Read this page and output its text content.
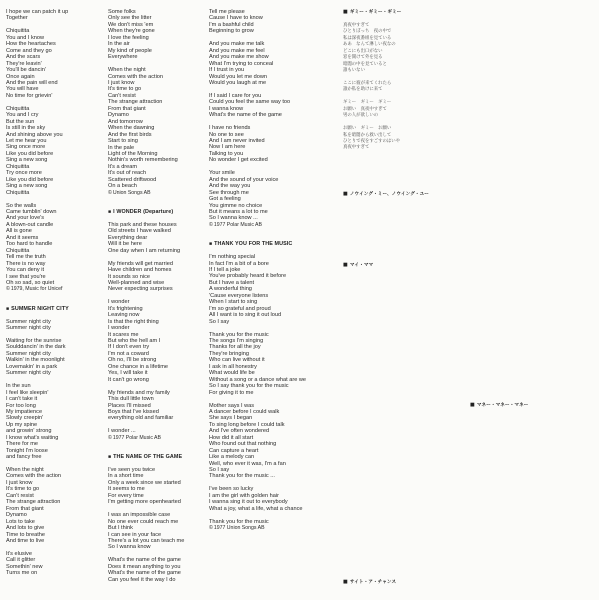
I hope we can patch it up
Together
Chiquitita
You and I know
How the heartaches
Come and they go
And the scars
They're leavin'
You'll be dancin'
Once again
And the pain will end
You will have
No time for grievin'
Chiquitita
You and I cry
But the sun
Is still in the sky
And shining above you
Let me hear you
Sing once more
Like you did before
Sing a new song
Chiquitita
Try once more
Like you did before
Sing a new song
Chiquitita
So the walls
Came tumblin' down
And your love's
A blown-out candle
All is gone
And it seems
Too hard to handle
Chiquitita
Tell me the truth
There is no way
You can deny it
I see that you're
Oh so sad, so quiet
© 1979, Music for Unicef
■ SUMMER NIGHT CITY
Summer night city
Summer night city
Waiting for the sunrise
Soulddancin' in the dark
Summer night city
Walkin' in the moonlight
Lovemakin' in a park
Summer night city
In the sun
I feel like sleepin'
I can't take it
For too long
My impatience
Slowly creepin'
Up my spine
and growin' strong
I know what's waiting
There for me
Tonight I'm loose
and fancy free
When the night
Comes with the action
I just know
It's time to go
Can't resist
The strange attraction
From that giant
Dynamo
Lots to take
And lots to give
Time to breathe
And time to live
It's elusive
Call it glitter
Somethin' new
Turns me on
Some folks
Only see the litter
We don't miss 'em
When they're gone
I love the feeling
In the air
My kind of people
Everywhere
When the night
Comes with the action
I just know
It's time to go
Can't resist
The strange attraction
From that giant
Dynamo
And tomorrow
When the dawning
And the first birds
Start to sing
In the pale
Light of the Morning
Nothin's worth remembering
It's a dream
It's out of reach
Scattered driftwood
On a beach
© Union Songs AB
■ I WONDER (Departure)
This park and these houses
Old streets I have walked
Everything dear
Will it be here
One day when I am returning
My friends will get married
Have children and homes
It sounds so nice
Well-planned and wise
Never expecting surprises
I wonder
It's frightening
Leaving now
Is that the right thing
I wonder
It scares me
But who the hell am I
If I don't even try
I'm not a coward
Oh no, I'll be strong
One chance in a lifetime
Yes, I will take it
It can't go wrong
My friends and my family
This dull little town
Places I'll missed
Boys that I've kissed
everything old and familiar
I wonder ...
© 1977 Polar Music AB
■ THE NAME OF THE GAME
I've seen you twice
In a short time
Only a week since we started
It seems to me
For every time
I'm getting more openhearted
I was an impossible case
No one ever could reach me
But I think
I can see in your face
There's a lot you can teach me
So I wanna know
What's the name of the game
Does it mean anything to you
What's the name of the game
Can you feel it the way I do
Tell me please
Cause I have to know
I'm a bashful child
Beginning to grow
And you make me talk
And you make me feel
And you make me show
What I'm trying to conceal
If I trust in you
Would you let me down
Would you laugh at me
If I said I care for you
Could you feel the same way too
I wanna know
What's the name of the game
I have no friends
No one to see
And I am never invited
Now I am here
Talking to you
No wonder I get excited
Your smile
And the sound of your voice
And the way you
See through me
Got a feeling
You gimme no choice
But it means a lot to me
So I wanna know ...
© 1977 Polar Music AB
■ THANK YOU FOR THE MUSIC
I'm nothing special
In fact I'm a bit of a bore
If I tell a joke
You've probably heard it before
But I have a talent
A wonderful thing
'Cause everyone listens
When I start to sing
I'm so grateful and proud
All I want is to sing it out loud
So I say
Thank you for the music
The songs I'm singing
Thanks for all the joy
They're bringing
Who can live without it
I ask in all honestry
What would life be
Without a song or a dance what are we
So I say thank you for the music
For giving it to me
Mother says I was
A dancer before I could walk
She says I began
To sing long before I could talk
And I've often wondered
How did it all start
Who found out that nothing
Can capture a heart
Like a melody can
Well, who ever it was, I'm a fan
So I say
Thank you for the music ...
I've been so lucky
I am the girl with golden hair
I wanna sing it out to everybody
What a joy, what a life, what a chance
Thank you for the music
© 1977 Union Songs AB
■ ギミー・ギミー・ギミー
真夜中すぎて
ひとりぼっち　夜の中で
私は深夜番組を見ている
ああ　なんて淋しい夜なの
どこにも出口がない
窓を開けて外を見る
暗闇の中を見ていると
誰もいない
ここに彼が来てくれたら
誰か私を助けに来て
ギミー　ギミー　ギミー
お願い　真夜中すぎて
男の人が欲しいの
お願い　ギミー　お願い
私を暗闇から救い出して
ひとりで夜をすごすのはいや
真夜中すぎて
■ ノウイング・ミー、ノウイング・ユー
■ マイ・ママ
■ サイト・ア・チャンス
■ マネー・マネー・マネー
